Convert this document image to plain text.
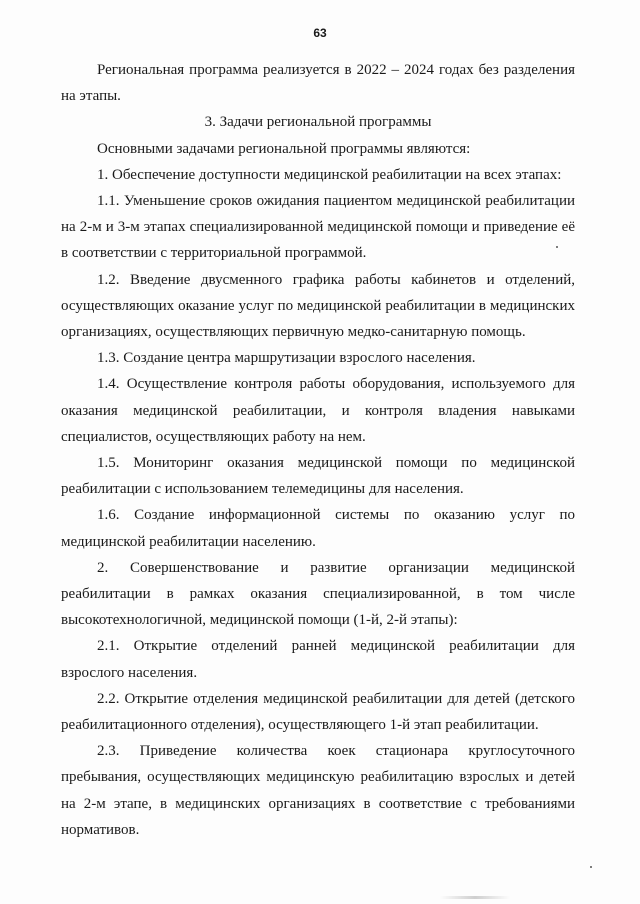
63

Региональная программа реализуется в 2022 – 2024 годах без разделения на этапы.

3. Задачи региональной программы

Основными задачами региональной программы являются:

1. Обеспечение доступности медицинской реабилитации на всех этапах:

1.1. Уменьшение сроков ожидания пациентом медицинской реабилитации на 2-м и 3-м этапах специализированной медицинской помощи и приведение её в соответствии с территориальной программой.

1.2. Введение двусменного графика работы кабинетов и отделений, осуществляющих оказание услуг по медицинской реабилитации в медицинских организациях, осуществляющих первичную медко-санитарную помощь.

1.3. Создание центра маршрутизации взрослого населения.

1.4. Осуществление контроля работы оборудования, используемого для оказания медицинской реабилитации, и контроля владения навыками специалистов, осуществляющих работу на нем.

1.5. Мониторинг оказания медицинской помощи по медицинской реабилитации с использованием телемедицины для населения.

1.6. Создание информационной системы по оказанию услуг по медицинской реабилитации населению.

2. Совершенствование и развитие организации медицинской реабилитации в рамках оказания специализированной, в том числе высокотехнологичной, медицинской помощи (1-й, 2-й этапы):

2.1. Открытие отделений ранней медицинской реабилитации для взрослого населения.

2.2. Открытие отделения медицинской реабилитации для детей (детского реабилитационного отделения), осуществляющего 1-й этап реабилитации.

2.3. Приведение количества коек стационара круглосуточного пребывания, осуществляющих медицинскую реабилитацию взрослых и детей на 2-м этапе, в медицинских организациях в соответствие с требованиями нормативов.
